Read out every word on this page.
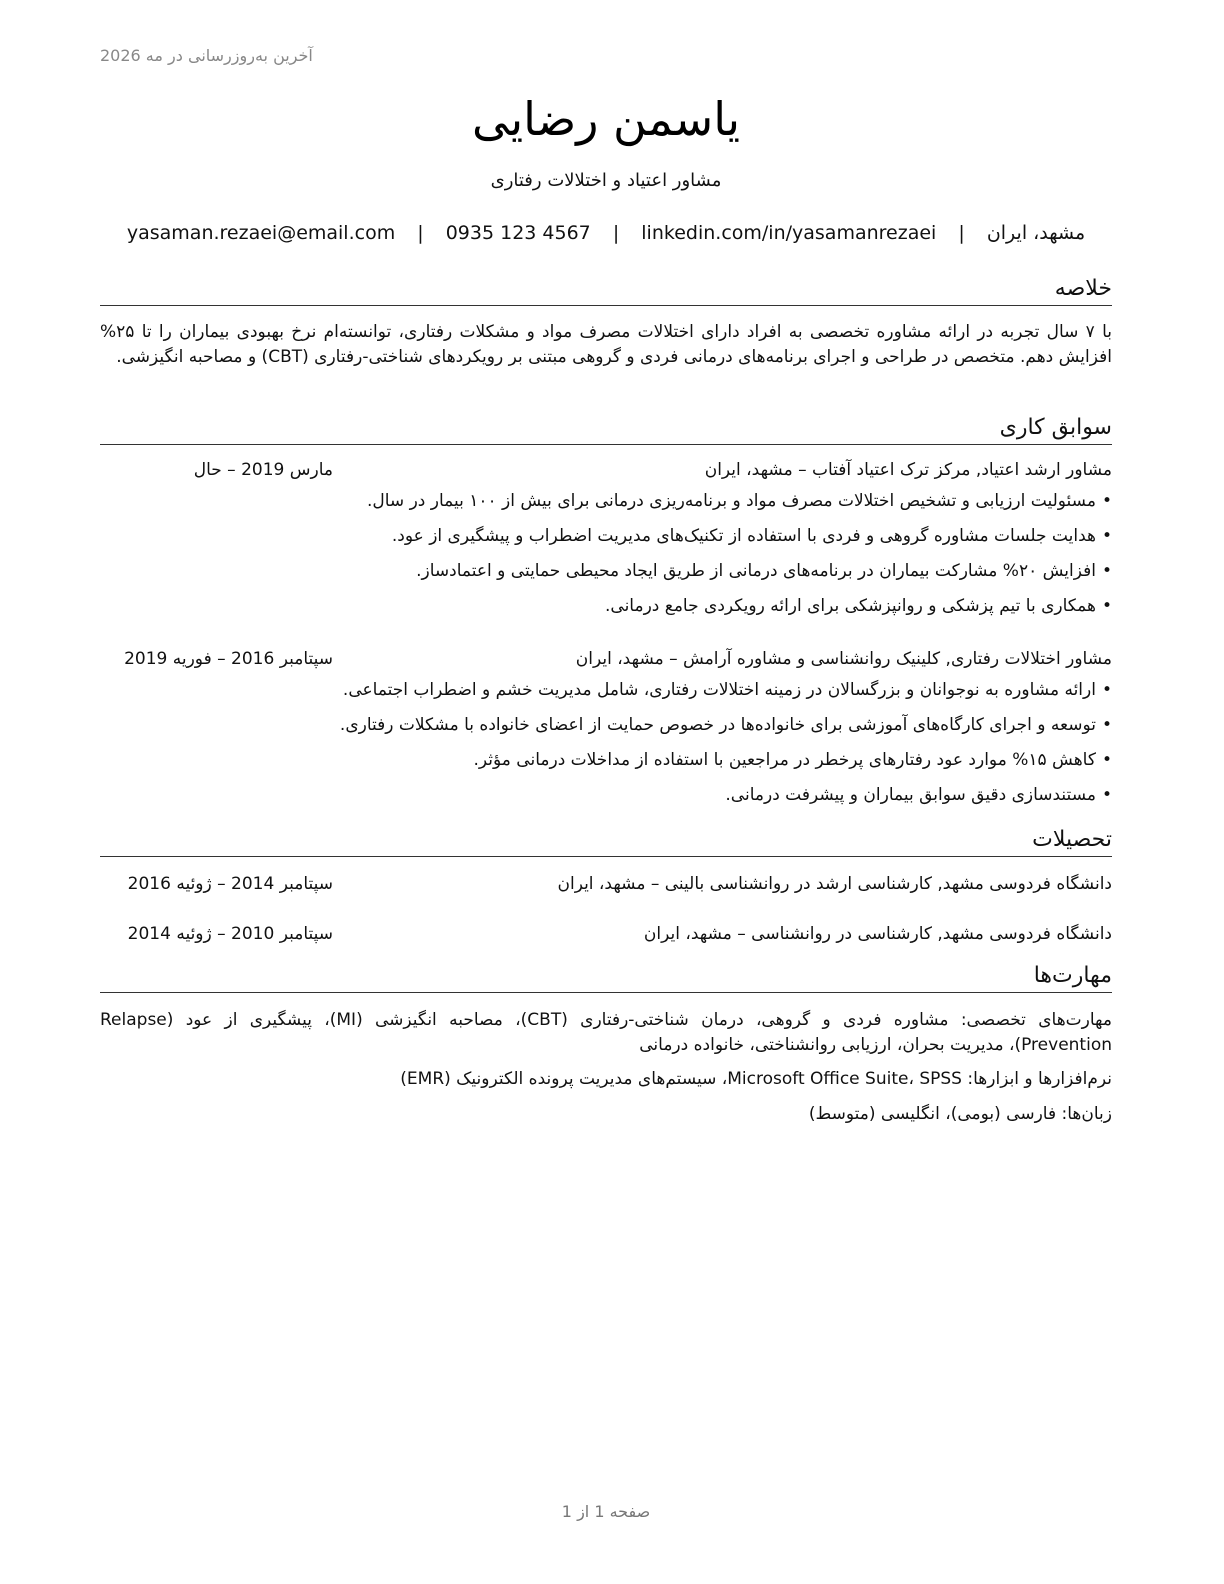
آخرین به‌روزرسانی در مه 2026
یاسمن رضایی
مشاور اعتیاد و اختلالات رفتاری
مشهد، ایران | yasaman.rezaei@email.com | 0935 123 4567 | linkedin.com/in/yasamanrezaei
خلاصه
با ۷ سال تجربه در ارائه مشاوره تخصصی به افراد دارای اختلالات مصرف مواد و مشکلات رفتاری، توانسته‌ام نرخ بهبودی بیماران را تا ۲۵% افزایش دهم. متخصص در طراحی و اجرای برنامه‌های درمانی فردی و گروهی مبتنی بر رویکردهای شناختی-رفتاری (CBT) و مصاحبه انگیزشی.
سوابق کاری
مشاور ارشد اعتیاد, مرکز ترک اعتیاد آفتاب – مشهد، ایران
مارس 2019 – حال
• مسئولیت ارزیابی و تشخیص اختلالات مصرف مواد و برنامه‌ریزی درمانی برای بیش از ۱۰۰ بیمار در سال.
• هدایت جلسات مشاوره گروهی و فردی با استفاده از تکنیک‌های مدیریت اضطراب و پیشگیری از عود.
• افزایش ۲۰% مشارکت بیماران در برنامه‌های درمانی از طریق ایجاد محیطی حمایتی و اعتمادساز.
• همکاری با تیم پزشکی و روانپزشکی برای ارائه رویکردی جامع درمانی.
مشاور اختلالات رفتاری, کلینیک روانشناسی و مشاوره آرامش – مشهد، ایران
سپتامبر 2016 – فوریه 2019
• ارائه مشاوره به نوجوانان و بزرگسالان در زمینه اختلالات رفتاری، شامل مدیریت خشم و اضطراب اجتماعی.
• توسعه و اجرای کارگاه‌های آموزشی برای خانواده‌ها در خصوص حمایت از اعضای خانواده با مشکلات رفتاری.
• کاهش ۱۵% موارد عود رفتارهای پرخطر در مراجعین با استفاده از مداخلات درمانی مؤثر.
• مستندسازی دقیق سوابق بیماران و پیشرفت درمانی.
تحصیلات
دانشگاه فردوسی مشهد, کارشناسی ارشد در روانشناسی بالینی – مشهد، ایران
سپتامبر 2014 – ژوئیه 2016
دانشگاه فردوسی مشهد, کارشناسی در روانشناسی – مشهد، ایران
سپتامبر 2010 – ژوئیه 2014
مهارت‌ها
مهارت‌های تخصصی: مشاوره فردی و گروهی، درمان شناختی-رفتاری (CBT)، مصاحبه انگیزشی (MI)، پیشگیری از عود (Relapse Prevention)، مدیریت بحران، ارزیابی روانشناختی، خانواده درمانی
نرم‌افزارها و ابزارها: Microsoft Office Suite، SPSS، سیستم‌های مدیریت پرونده الکترونیک (EMR)
زبان‌ها: فارسی (بومی)، انگلیسی (متوسط)
صفحه 1 از 1
